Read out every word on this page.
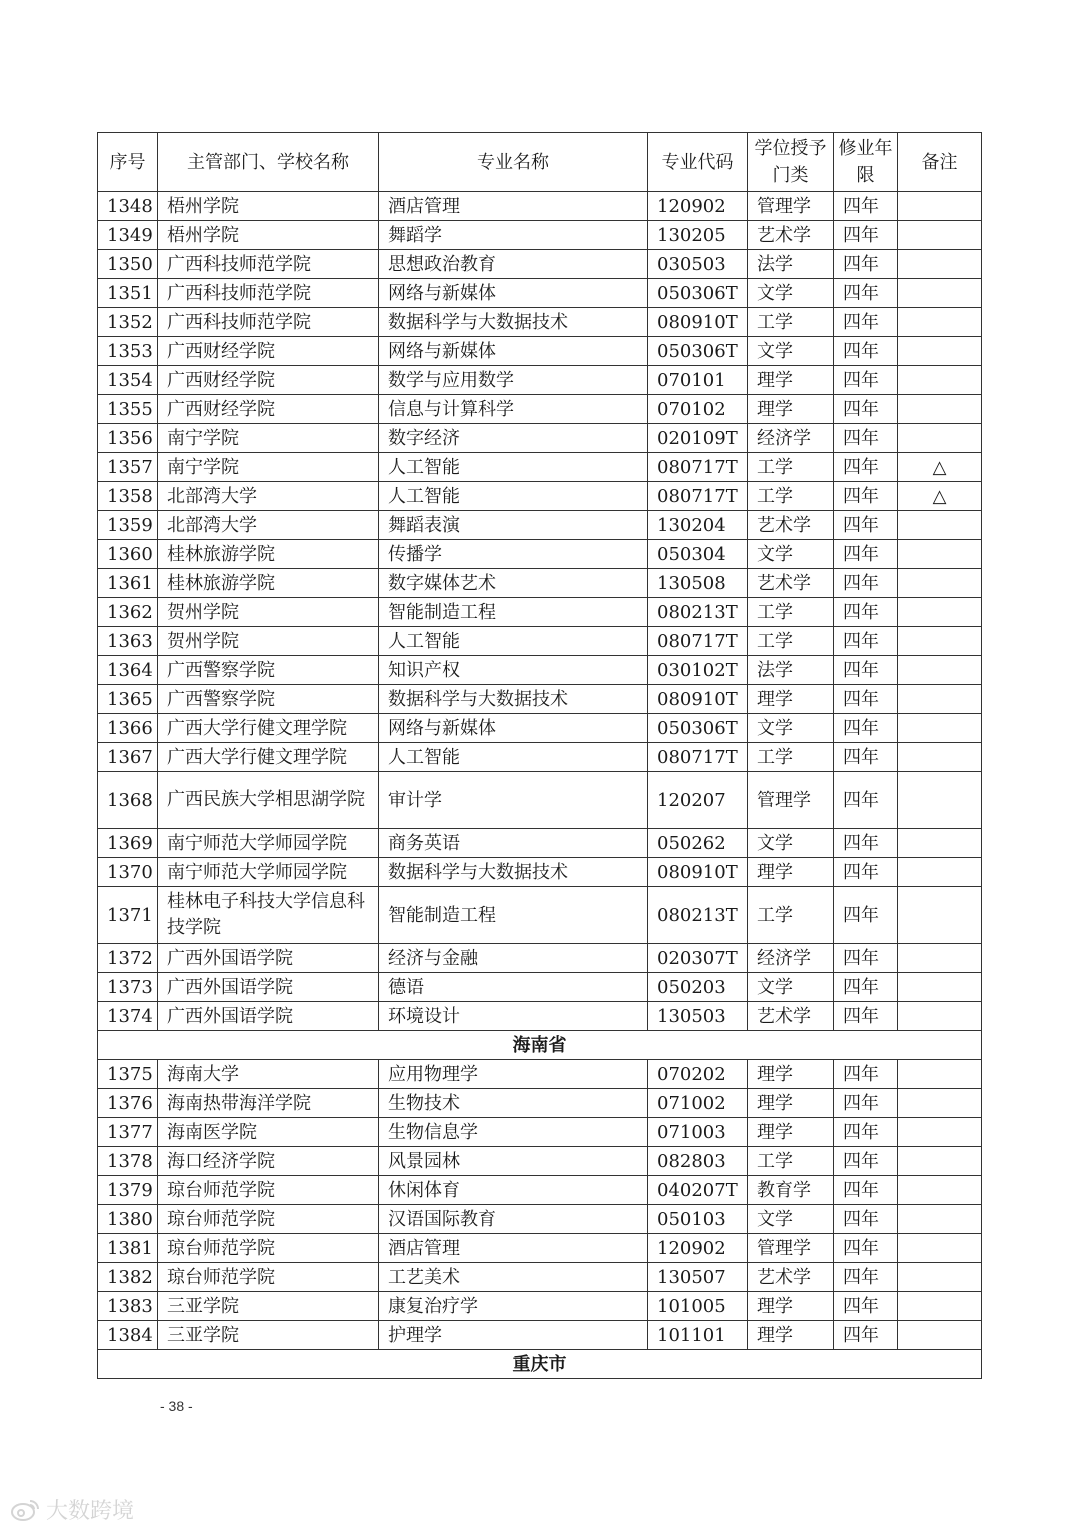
序号	主管部门、学校名称	专业名称	专业代码	学位授予门类	修业年限	备注
1348	梧州学院	酒店管理	120902	管理学	四年	
1349	梧州学院	舞蹈学	130205	艺术学	四年	
1350	广西科技师范学院	思想政治教育	030503	法学	四年	
1351	广西科技师范学院	网络与新媒体	050306T	文学	四年	
1352	广西科技师范学院	数据科学与大数据技术	080910T	工学	四年	
1353	广西财经学院	网络与新媒体	050306T	文学	四年	
1354	广西财经学院	数学与应用数学	070101	理学	四年	
1355	广西财经学院	信息与计算科学	070102	理学	四年	
1356	南宁学院	数字经济	020109T	经济学	四年	
1357	南宁学院	人工智能	080717T	工学	四年	△
1358	北部湾大学	人工智能	080717T	工学	四年	△
1359	北部湾大学	舞蹈表演	130204	艺术学	四年	
1360	桂林旅游学院	传播学	050304	文学	四年	
1361	桂林旅游学院	数字媒体艺术	130508	艺术学	四年	
1362	贺州学院	智能制造工程	080213T	工学	四年	
1363	贺州学院	人工智能	080717T	工学	四年	
1364	广西警察学院	知识产权	030102T	法学	四年	
1365	广西警察学院	数据科学与大数据技术	080910T	理学	四年	
1366	广西大学行健文理学院	网络与新媒体	050306T	文学	四年	
1367	广西大学行健文理学院	人工智能	080717T	工学	四年	
1368	广西民族大学相思湖学院	审计学	120207	管理学	四年	
1369	南宁师范大学师园学院	商务英语	050262	文学	四年	
1370	南宁师范大学师园学院	数据科学与大数据技术	080910T	理学	四年	
1371	桂林电子科技大学信息科技学院	智能制造工程	080213T	工学	四年	
1372	广西外国语学院	经济与金融	020307T	经济学	四年	
1373	广西外国语学院	德语	050203	文学	四年	
1374	广西外国语学院	环境设计	130503	艺术学	四年	
海南省						
1375	海南大学	应用物理学	070202	理学	四年	
1376	海南热带海洋学院	生物技术	071002	理学	四年	
1377	海南医学院	生物信息学	071003	理学	四年	
1378	海口经济学院	风景园林	082803	工学	四年	
1379	琼台师范学院	休闲体育	040207T	教育学	四年	
1380	琼台师范学院	汉语国际教育	050103	文学	四年	
1381	琼台师范学院	酒店管理	120902	管理学	四年	
1382	琼台师范学院	工艺美术	130507	艺术学	四年	
1383	三亚学院	康复治疗学	101005	理学	四年	
1384	三亚学院	护理学	101101	理学	四年	
重庆市						
- 38 -
大数跨境
